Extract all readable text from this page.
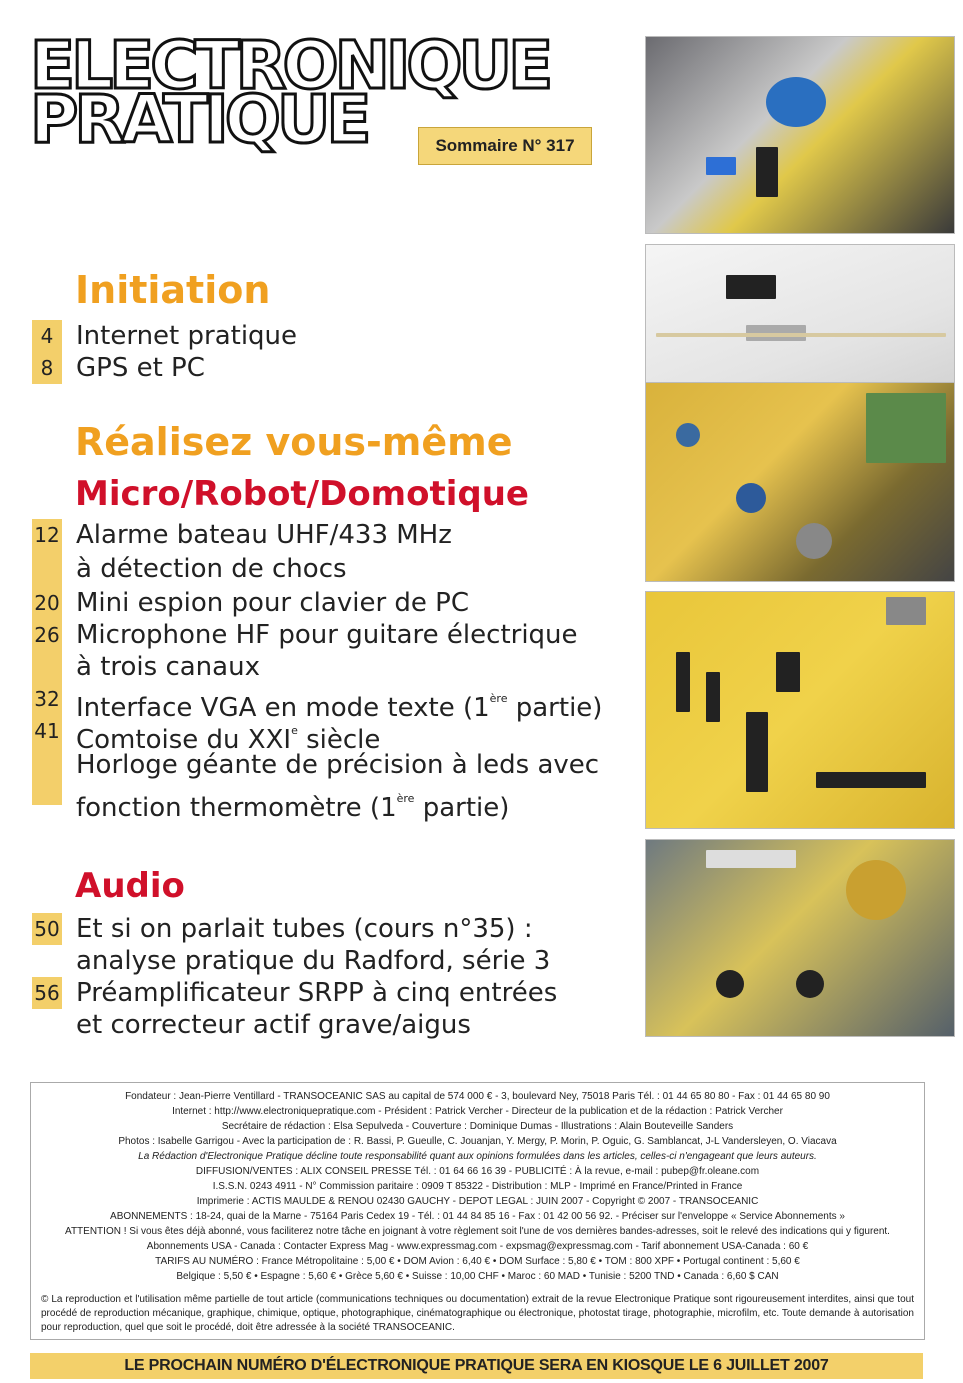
ELECTRONIQUE
PRATIQUE	Sommaire N° 317
Initiation
4 Internet pratique
8 GPS et PC
Réalisez vous-même
Micro/Robot/Domotique
12 Alarme bateau UHF/433 MHz
à détection de chocs
20 Mini espion pour clavier de PC
26 Microphone HF pour guitare électrique
à trois canaux
32 Interface VGA en mode texte (1ère partie)
41 Comtoise du XXIe siècle
Horloge géante de précision à leds avec
fonction thermomètre (1ère partie)
Audio
50 Et si on parlait tubes (cours n°35) :
analyse pratique du Radford, série 3
56 Préamplificateur SRPP à cinq entrées
et correcteur actif grave/aigus

Fondateur : Jean-Pierre Ventillard - TRANSOCEANIC SAS au capital de 574 000 € - 3, boulevard Ney, 75018 Paris Tél. : 01 44 65 80 80 - Fax : 01 44 65 80 90

Internet : http://www.electroniquepratique.com - Président : Patrick Vercher - Directeur de la publication et de la rédaction : Patrick Vercher

Secrétaire de rédaction : Elsa Sepulveda - Couverture : Dominique Dumas - Illustrations : Alain Bouteveille Sanders

Photos : Isabelle Garrigou - Avec la participation de : R. Bassi, P. Gueulle, C. Jouanjan, Y. Mergy, P. Morin, P. Oguic, G. Samblancat, J-L Vandersleyen, O. Viacava

La Rédaction d'Electronique Pratique décline toute responsabilité quant aux opinions formulées dans les articles, celles-ci n'engageant que leurs auteurs.

DIFFUSION/VENTES : ALIX CONSEIL PRESSE Tél. : 01 64 66 16 39 - PUBLICITÉ : À la revue, e-mail : pubep@fr.oleane.com

I.S.S.N. 0243 4911 - N° Commission paritaire : 0909 T 85322 - Distribution : MLP - Imprimé en France/Printed in France

Imprimerie : ACTIS MAULDE & RENOU 02430 GAUCHY - DEPOT LEGAL : JUIN 2007 - Copyright © 2007 - TRANSOCEANIC

ABONNEMENTS : 18-24, quai de la Marne - 75164 Paris Cedex 19 - Tél. : 01 44 84 85 16 - Fax : 01 42 00 56 92. - Préciser sur l'enveloppe « Service Abonnements »

ATTENTION ! Si vous êtes déjà abonné, vous faciliterez notre tâche en joignant à votre règlement soit l'une de vos dernières bandes-adresses, soit le relevé des indications qui y figurent.

Abonnements USA - Canada : Contacter Express Mag - www.expressmag.com - expsmag@expressmag.com - Tarif abonnement USA-Canada : 60 €

TARIFS AU NUMÉRO : France Métropolitaine : 5,00 € • DOM Avion : 6,40 € • DOM Surface : 5,80 € • TOM : 800 XPF • Portugal continent : 5,60 €

Belgique : 5,50 € • Espagne : 5,60 € • Grèce 5,60 € • Suisse : 10,00 CHF • Maroc : 60 MAD • Tunisie : 5200 TND • Canada : 6,60 $ CAN

© La reproduction et l'utilisation même partielle de tout article (communications techniques ou documentation) extrait de la revue Electronique Pratique sont rigoureusement interdites, ainsi que tout procédé de reproduction mécanique, graphique, chimique, optique, photographique, cinématographique ou électronique, photostat tirage, photographie, microfilm, etc. Toute demande à autorisation pour reproduction, quel que soit le procédé, doit être adressée à la société TRANSOCEANIC.

LE PROCHAIN NUMÉRO D'ÉLECTRONIQUE PRATIQUE SERA EN KIOSQUE LE 6 JUILLET 2007
